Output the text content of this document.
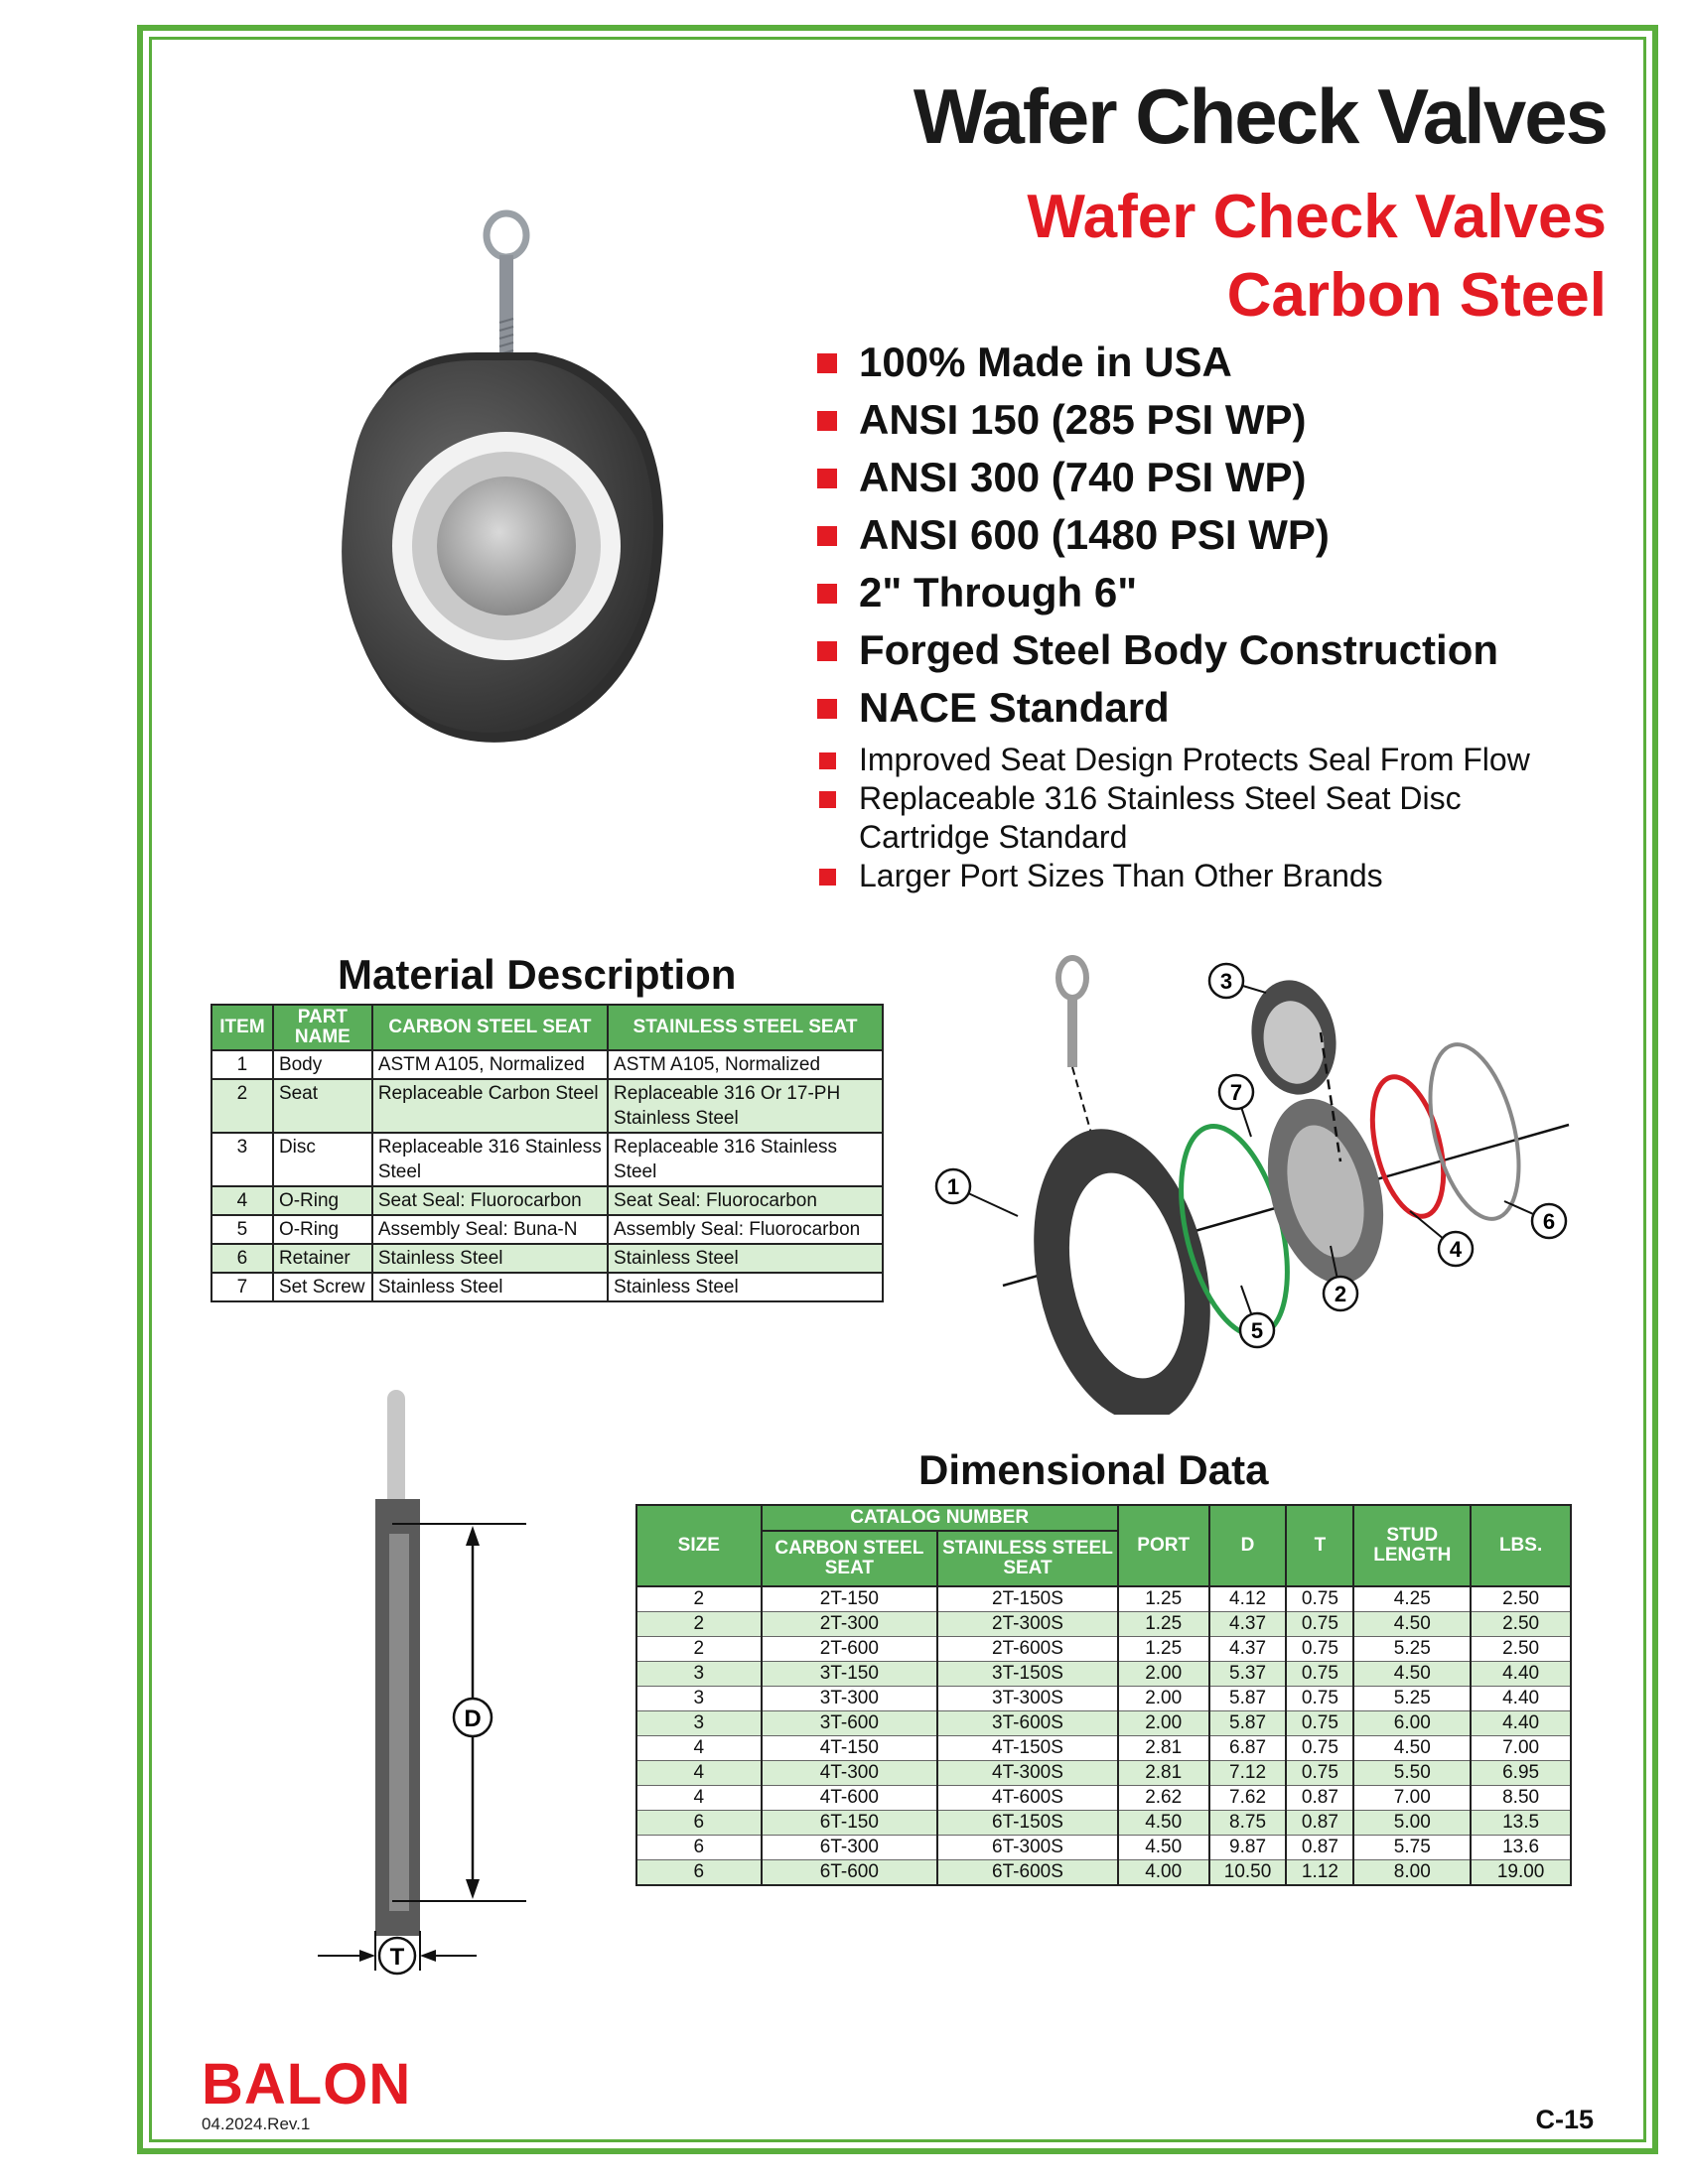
Wafer Check Valves
Wafer Check Valves
Carbon Steel
100% Made in USA
ANSI 150 (285 PSI WP)
ANSI 300 (740 PSI WP)
ANSI 600 (1480 PSI WP)
2" Through 6"
Forged Steel Body Construction
NACE Standard
Improved Seat Design Protects Seal From Flow
Replaceable 316 Stainless Steel Seat Disc Cartridge Standard
Larger Port Sizes Than Other Brands
Material Description
ITEM	PART NAME	CARBON STEEL SEAT	STAINLESS STEEL SEAT
1	Body	ASTM A105, Normalized	ASTM A105, Normalized
2	Seat	Replaceable Carbon Steel	Replaceable 316 Or 17-PH Stainless Steel
3	Disc	Replaceable 316 Stainless Steel	Replaceable 316 Stainless Steel
4	O-Ring	Seat Seal: Fluorocarbon	Seat Seal: Fluorocarbon
5	O-Ring	Assembly Seal: Buna-N	Assembly Seal: Fluorocarbon
6	Retainer	Stainless Steel	Stainless Steel
7	Set Screw	Stainless Steel	Stainless Steel
1
2
3
4
5
6
7
D
T
Dimensional Data
SIZE	CATALOG NUMBER		PORT	D	T	STUD LENGTH	LBS.
	CARBON STEEL SEAT	STAINLESS STEEL SEAT					
2	2T-150	2T-150S	1.25	4.12	0.75	4.25	2.50
2	2T-300	2T-300S	1.25	4.37	0.75	4.50	2.50
2	2T-600	2T-600S	1.25	4.37	0.75	5.25	2.50
3	3T-150	3T-150S	2.00	5.37	0.75	4.50	4.40
3	3T-300	3T-300S	2.00	5.87	0.75	5.25	4.40
3	3T-600	3T-600S	2.00	5.87	0.75	6.00	4.40
4	4T-150	4T-150S	2.81	6.87	0.75	4.50	7.00
4	4T-300	4T-300S	2.81	7.12	0.75	5.50	6.95
4	4T-600	4T-600S	2.62	7.62	0.87	7.00	8.50
6	6T-150	6T-150S	4.50	8.75	0.87	5.00	13.5
6	6T-300	6T-300S	4.50	9.87	0.87	5.75	13.6
6	6T-600	6T-600S	4.00	10.50	1.12	8.00	19.00
BALON
04.2024.Rev.1	C-15
